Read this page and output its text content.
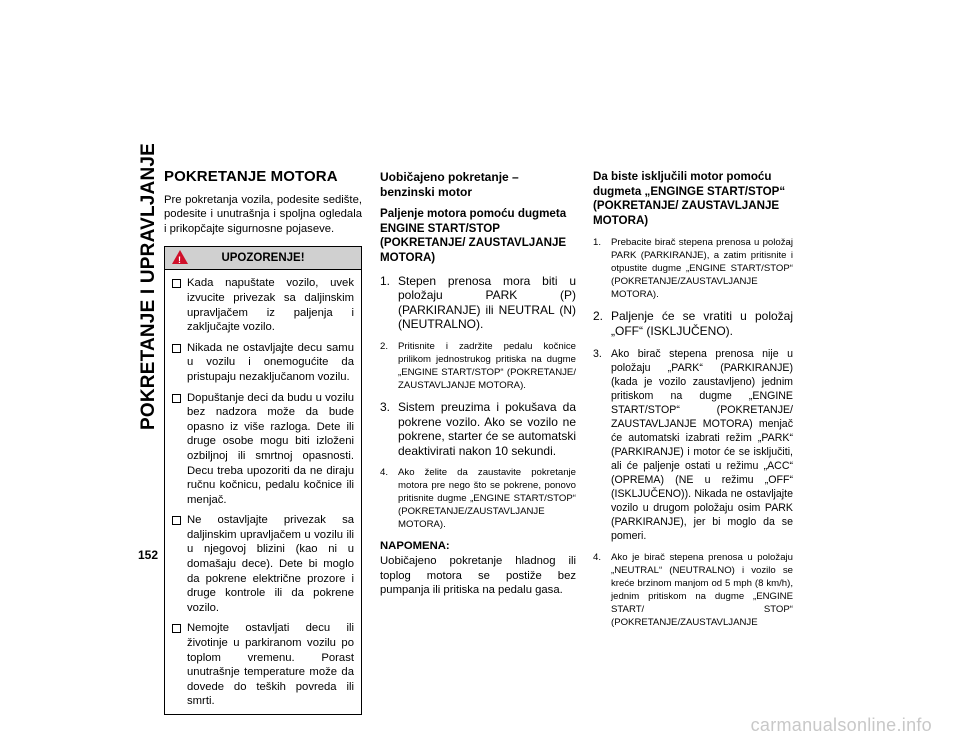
POKRETANJE I UPRAVLJANJE
152
POKRETANJE MOTORA

Pre pokretanja vozila, podesite sedište, podesite i unutrašnja i spoljna ogledala i prikopčajte sigurnosne pojaseve.

!	UPOZORENJE!
Kada napuštate vozilo, uvek izvucite privezak sa daljinskim upravljačem iz paljenja i zaključajte vozilo.
Nikada ne ostavljajte decu samu u vozilu i onemogućite da pristupaju nezaključanom vozilu.
Dopuštanje deci da budu u vozilu bez nadzora može da bude opasno iz više razloga. Dete ili druge osobe mogu biti izloženi ozbiljnoj ili smrtnoj opasnosti. Decu treba upozoriti da ne diraju ručnu kočnicu, pedalu kočnice ili menjač.
Ne ostavljajte privezak sa daljinskim upravljačem u vozilu ili u njegovoj blizini (kao ni u domašaju dece). Dete bi moglo da pokrene električne prozore i druge kontrole ili da pokrene vozilo.
Nemojte ostavljati decu ili životinje u parkiranom vozilu po toplom vremenu. Porast unutrašnje temperature može da dovede do teških povreda ili smrti.
Uobičajeno pokretanje – benzinski motor
Paljenje motora pomoću dugmeta ENGINE START/STOP (POKRETANJE/ ZAUSTAVLJANJE MOTORA)
1. Stepen prenosa mora biti u položaju PARK (P) (PARKIRANJE) ili NEUTRAL (N) (NEUTRALNO).
2. Pritisnite i zadržite pedalu kočnice prilikom jednostrukog pritiska na dugme „ENGINE START/STOP“ (POKRETANJE/ ZAUSTAVLJANJE MOTORA).
3. Sistem preuzima i pokušava da pokrene vozilo. Ako se vozilo ne pokrene, starter će se automatski deaktivirati nakon 10 sekundi.
4. Ako želite da zaustavite pokretanje motora pre nego što se pokrene, ponovo pritisnite dugme „ENGINE START/STOP“ (POKRETANJE/ZAUSTAVLJANJE MOTORA).
NAPOMENA:

Uobičajeno pokretanje hladnog ili toplog motora se postiže bez pumpanja ili pritiska na pedalu gasa.

Da biste isključili motor pomoću dugmeta „ENGINGE START/STOP“ (POKRETANJE/ ZAUSTAVLJANJE MOTORA)
1. Prebacite birač stepena prenosa u položaj PARK (PARKIRANJE), a zatim pritisnite i otpustite dugme „ENGINE START/STOP“ (POKRETANJE/ZAUSTAVLJANJE MOTORA).
2. Paljenje će se vratiti u položaj „OFF“ (ISKLJUČENO).
3. Ako birač stepena prenosa nije u položaju „PARK“ (PARKIRANJE) (kada je vozilo zaustavljeno) jednim pritiskom na dugme „ENGINE START/STOP“ (POKRETANJE/ ZAUSTAVLJANJE MOTORA) menjač će automatski izabrati režim „PARK“ (PARKIRANJE) i motor će se isključiti, ali će paljenje ostati u režimu „ACC“ (OPREMA) (NE u režimu „OFF“ (ISKLJUČENO)). Nikada ne ostavljajte vozilo u drugom položaju osim PARK (PARKIRANJE), jer bi moglo da se pomeri.
4. Ako je birač stepena prenosa u položaju „NEUTRAL“ (NEUTRALNO) i vozilo se kreće brzinom manjom od 5 mph (8 km/h), jednim pritiskom na dugme „ENGINE START/ STOP“ (POKRETANJE/ZAUSTAVLJANJE
carmanualsonline.info
